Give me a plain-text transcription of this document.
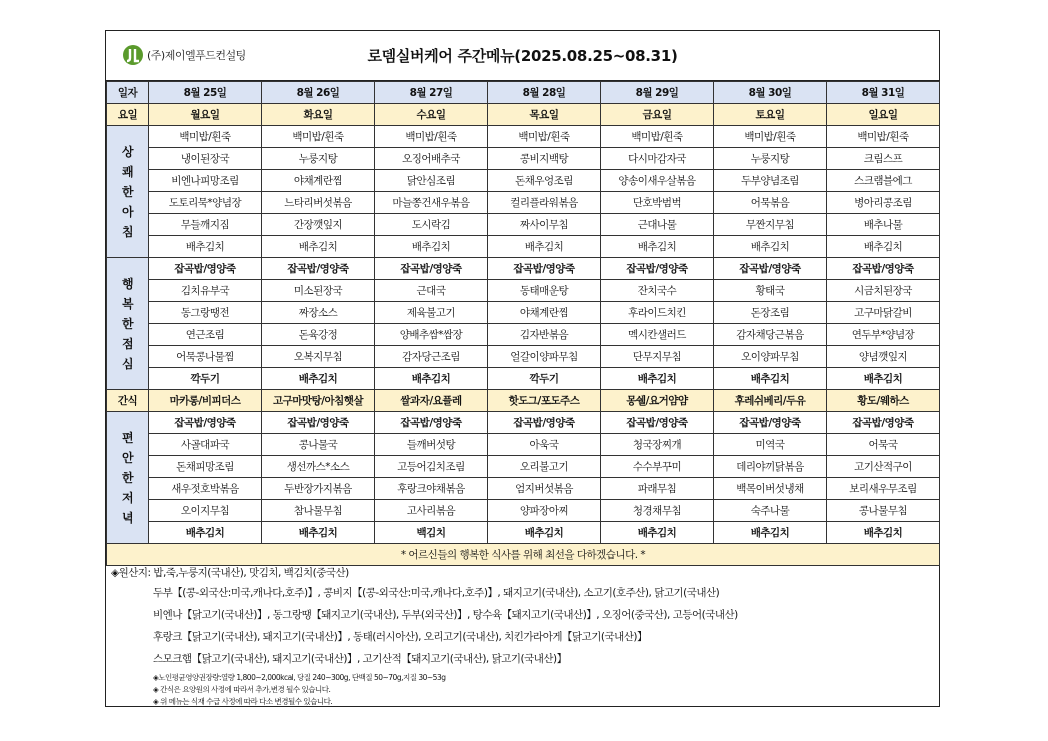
(주)제이엘푸드컨설팅	로뎀실버케어 주간메뉴(2025.08.25~08.31)
일자	8월 25일	8월 26일	8월 27일	8월 28일	8월 29일	8월 30일	8월 31일
요일	월요일	화요일	수요일	목요일	금요일	토요일	일요일

상
쾌
한
아
침	백미밥/흰죽	백미밥/흰죽	백미밥/흰죽	백미밥/흰죽	백미밥/흰죽	백미밥/흰죽	백미밥/흰죽
	냉이된장국	누룽지탕	오징어배추국	콩비지백탕	다시마감자국	누룽지탕	크림스프
	비엔나피망조림	야채계란찜	닭안심조림	돈채우엉조림	양송이새우살볶음	두부양념조림	스크램블에그
	도토리묵*양념장	느타리버섯볶음	마늘쫑건새우볶음	컬리플라워볶음	단호박범벅	어묵볶음	병아리콩조림
	무들깨지짐	간장깻잎지	도시락김	짜사이무침	근대나물	무짠지무침	배추나물
	배추김치	배추김치	배추김치	배추김치	배추김치	배추김치	배추김치

행
복
한
점
심	잡곡밥/영양죽	잡곡밥/영양죽	잡곡밥/영양죽	잡곡밥/영양죽	잡곡밥/영양죽	잡곡밥/영양죽	잡곡밥/영양죽
	김치유부국	미소된장국	근대국	동태매운탕	잔치국수	황태국	시금치된장국
	동그랑땡전	짜장소스	제육불고기	야채계란찜	후라이드치킨	돈장조림	고구마닭갈비
	연근조림	돈육강정	양배추쌈*쌈장	김자반볶음	멕시칸샐러드	감자채당근볶음	연두부*양념장
	어묵콩나물찜	오복지무침	감자당근조림	얼갈이양파무침	단무지무침	오이양파무침	양념깻잎지
	깍두기	배추김치	배추김치	깍두기	배추김치	배추김치	배추김치
간식	마카롱/비피더스	고구마맛탕/아침햇살	쌀과자/요플레	핫도그/포도주스	몽쉘/요거얌얌	후레쉬베리/두유	황도/웨하스

편
안
한
저
녁	잡곡밥/영양죽	잡곡밥/영양죽	잡곡밥/영양죽	잡곡밥/영양죽	잡곡밥/영양죽	잡곡밥/영양죽	잡곡밥/영양죽
	사골대파국	콩나물국	들깨버섯탕	아욱국	청국장찌개	미역국	어묵국
	돈채피망조림	생선까스*소스	고등어김치조림	오리불고기	수수부꾸미	데리야끼닭볶음	고기산적구이
	새우젓호박볶음	두반장가지볶음	후랑크야채볶음	엄지버섯볶음	파래무침	백목이버섯냉채	보리새우무조림
	오이지무침	참나물무침	고사리볶음	양파장아찌	청경채무침	숙주나물	콩나물무침
	배추김치	배추김치	백김치	배추김치	배추김치	배추김치	배추김치
* 어르신들의 행복한 식사를 위해 최선을 다하겠습니다. *							
◈원산지: 밥,죽,누룽지(국내산), 맛김치, 백김치(중국산)
두부【(콩-외국산:미국,캐나다,호주)】, 콩비지【(콩-외국산:미국,캐나다,호주)】, 돼지고기(국내산), 소고기(호주산), 닭고기(국내산)
비엔나【닭고기(국내산)】, 동그랑땡【돼지고기(국내산), 두부(외국산)】, 탕수육【돼지고기(국내산)】, 오징어(중국산), 고등어(국내산)
후랑크【닭고기(국내산), 돼지고기(국내산)】, 동태(러시아산), 오리고기(국내산), 치킨가라아게【닭고기(국내산)】
스모크햄【닭고기(국내산), 돼지고기(국내산)】, 고기산적【돼지고기(국내산), 닭고기(국내산)】
◈노인평균영양권장량:열량 1,800~2,000kcal, 당질 240~300g, 단백질 50~70g,지질 30~53g
◈ 간식은 요양원의 사정에 따라서 추가,변경 될수 있습니다.
◈ 위 메뉴는 식재 수급 사정에 따라 다소 변경될수 있습니다.
